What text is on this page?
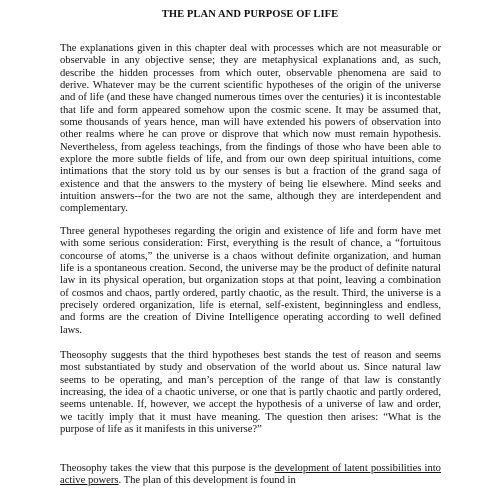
THE PLAN AND PURPOSE OF LIFE

The explanations given in this chapter deal with processes which are not measurable or observable in any objective sense; they are metaphysical explanations and, as such, describe the hidden processes from which outer, observable phenomena are said to derive. Whatever may be the current scientific hypotheses of the origin of the universe and of life (and these have changed numerous times over the centuries) it is incontestable that life and form appeared somehow upon the cosmic scene. It may be assumed that, some thousands of years hence, man will have extended his powers of observation into other realms where he can prove or disprove that which now must remain hypothesis. Nevertheless, from ageless teachings, from the findings of those who have been able to explore the more subtle fields of life, and from our own deep spiritual intuitions, come intimations that the story told us by our senses is but a fraction of the grand saga of existence and that the answers to the mystery of being lie elsewhere. Mind seeks and intuition answers--for the two are not the same, although they are interdependent and complementary.

Three general hypotheses regarding the origin and existence of life and form have met with some serious consideration: First, everything is the result of chance, a “fortuitous concourse of atoms,” the universe is a chaos without definite organization, and human life is a spontaneous creation. Second, the universe may be the product of definite natural law in its physical operation, but organization stops at that point, leaving a combination of cosmos and chaos, partly ordered, partly chaotic, as the result. Third, the universe is a precisely ordered organization, life is eternal, self-existent, beginningless and endless, and forms are the creation of Divine Intelligence operating according to well defined laws.

Theosophy suggests that the third hypotheses best stands the test of reason and seems most substantiated by study and observation of the world about us. Since natural law seems to be operating, and man’s perception of the range of that law is constantly increasing, the idea of a chaotic universe, or one that is partly chaotic and partly ordered, seems untenable. If, however, we accept the hypothesis of a universe of law and order, we tacitly imply that it must have meaning. The question then arises: “What is the purpose of life as it manifests in this universe?”

Theosophy takes the view that this purpose is the development of latent possibilities into active powers. The plan of this development is found in
